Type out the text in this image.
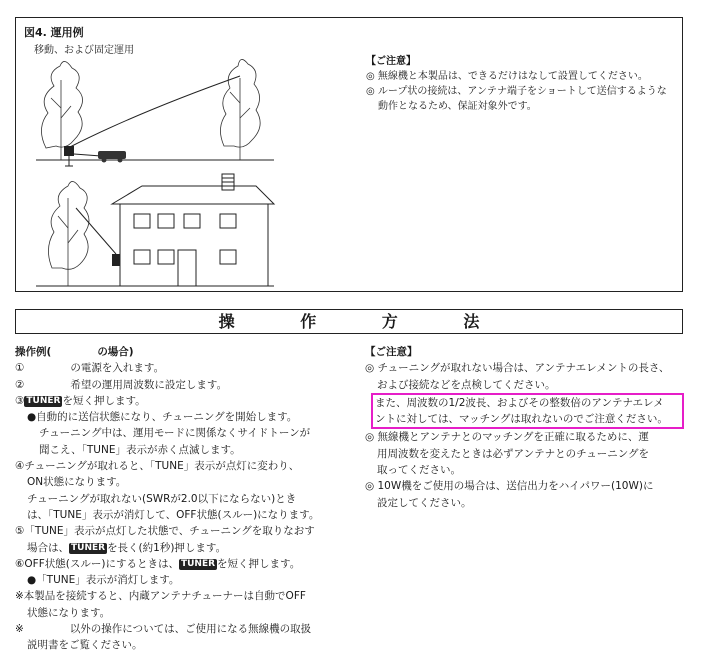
図4. 運用例
移動、および固定運用
【ご注意】
◎ 無線機と本製品は、できるだけはなして設置してください。
◎ ループ状の接続は、アンテナ端子をショートして送信するような
動作となるため、保証対象外です。
操 作 方 法
操作例(	の場合)
①	の電源を入れます。
②	希望の運用周波数に設定します。
③ TUNER を短く押します。
●自動的に送信状態になり、チューニングを開始します。
チューニング中は、運用モードに関係なくサイドトーンが
聞こえ、「TUNE」表示が赤く点滅します。
④チューニングが取れると、「TUNE」表示が点灯に変わり、
ON状態になります。
チューニングが取れない(SWRが2.0以下にならない)とき
は、「TUNE」表示が消灯して、OFF状態(スルー)になります。
⑤「TUNE」表示が点灯した状態で、チューニングを取りなおす
場合は、 TUNER を長く(約1秒)押します。
⑥OFF状態(スルー)にするときは、 TUNER を短く押します。
●「TUNE」表示が消灯します。
※本製品を接続すると、内蔵アンテナチューナーは自動でOFF
状態になります。
※	以外の操作については、ご使用になる無線機の取扱
説明書をご覧ください。
【ご注意】
◎ チューニングが取れない場合は、アンテナエレメントの長さ、
および接続などを点検してください。
また、周波数の1/2波長、およびその整数倍のアンテナエレメ
ントに対しては、マッチングは取れないのでご注意ください。
◎ 無線機とアンテナとのマッチングを正確に取るために、運
用周波数を変えたときは必ずアンテナとのチューニングを
取ってください。
◎ 10W機をご使用の場合は、送信出力をハイパワー(10W)に
設定してください。
